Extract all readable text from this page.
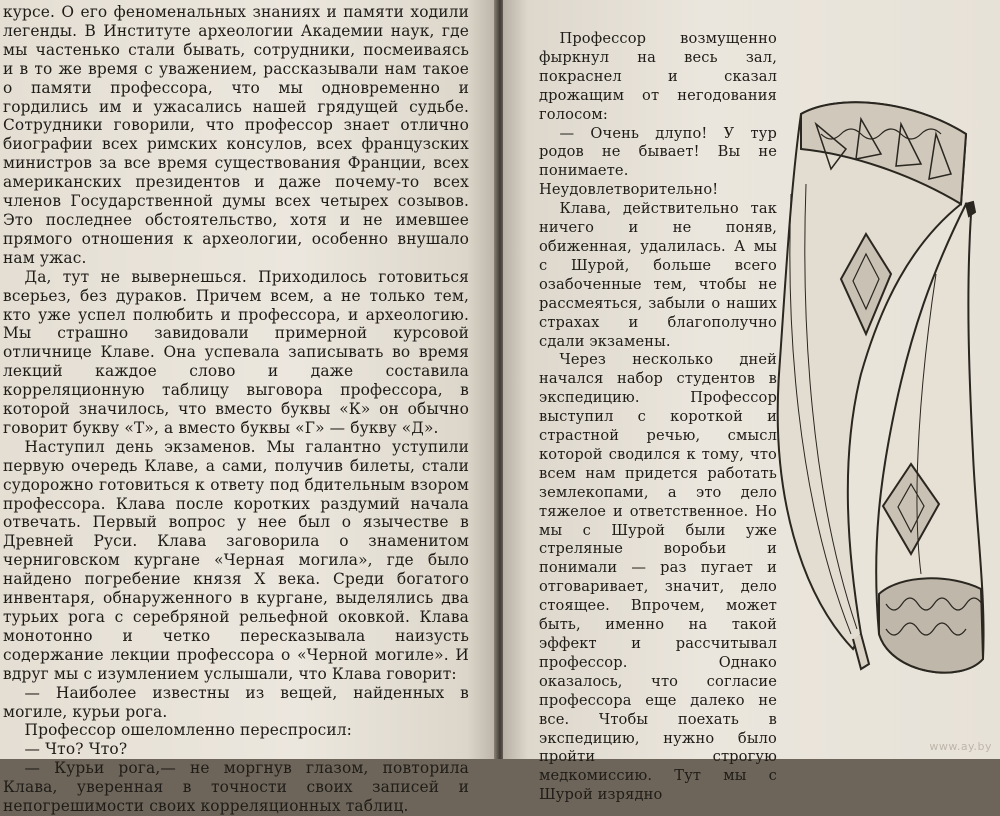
курсе. О его феноменальных знаниях и памяти ходили легенды. В Институте археологии Академии наук, где мы частенько стали бывать, сотрудники, посмеиваясь и в то же время с уважением, рассказывали нам такое о памяти профессора, что мы одновременно и гордились им и ужасались нашей грядущей судьбе. Сотрудники говорили, что профессор знает отлично биографии всех римских консулов, всех французских министров за все время существования Франции, всех американских президентов и даже почему-то всех членов Государственной думы всех четырех созывов. Это последнее обстоятельство, хотя и не имевшее прямого отношения к археологии, особенно внушало нам ужас.

Да, тут не вывернешься. Приходилось готовиться всерьез, без дураков. Причем всем, а не только тем, кто уже успел полюбить и профессора, и археологию. Мы страшно завидовали примерной курсовой отличнице Клаве. Она успевала записывать во время лекций каждое слово и даже составила корреляционную таблицу выговора профессора, в которой значилось, что вместо буквы «К» он обычно говорит букву «Т», а вместо буквы «Г» — букву «Д».

Наступил день экзаменов. Мы галантно уступили первую очередь Клаве, а сами, получив билеты, стали судорожно готовиться к ответу под бдительным взором профессора. Клава после коротких раздумий начала отвечать. Первый вопрос у нее был о язычестве в Древней Руси. Клава заговорила о знаменитом черниговском кургане «Черная могила», где было найдено погребение князя X века. Среди богатого инвентаря, обнаруженного в кургане, выделялись два турьих рога с серебряной рельефной оковкой. Клава монотонно и четко пересказывала наизусть содержание лекции профессора о «Черной могиле». И вдруг мы с изумлением услышали, что Клава говорит:

— Наиболее известны из вещей, найденных в могиле, курьи рога.

Профессор ошеломленно переспросил:

— Что? Что?

— Курьи рога,— не моргнув глазом, повторила Клава, уверенная в точности своих записей и непогрешимости своих корреляционных таблиц.

Профессор возмущенно фыркнул на весь зал, покраснел и сказал дрожащим от негодования голосом:

— Очень длупо! У тур родов не бывает! Вы не понимаете. Неудовлетворительно!

Клава, действительно так ничего и не поняв, обиженная, удалилась. А мы с Шурой, больше всего озабоченные тем, чтобы не рассмеяться, забыли о наших страхах и благополучно сдали экзамены.

Через несколько дней начался набор студентов в экспедицию. Профессор выступил с короткой и страстной речью, смысл которой сводился к тому, что всем нам придется работать землекопами, а это дело тяжелое и ответственное. Но мы с Шурой были уже стреляные воробьи и понимали — раз пугает и отговаривает, значит, дело стоящее. Впрочем, может быть, именно на такой эффект и рассчитывал профессор. Однако оказалось, что согласие профессора еще далеко не все. Чтобы поехать в экспедицию, нужно было пройти строгую медкомиссию. Тут мы с Шурой изрядно

www.ay.by
